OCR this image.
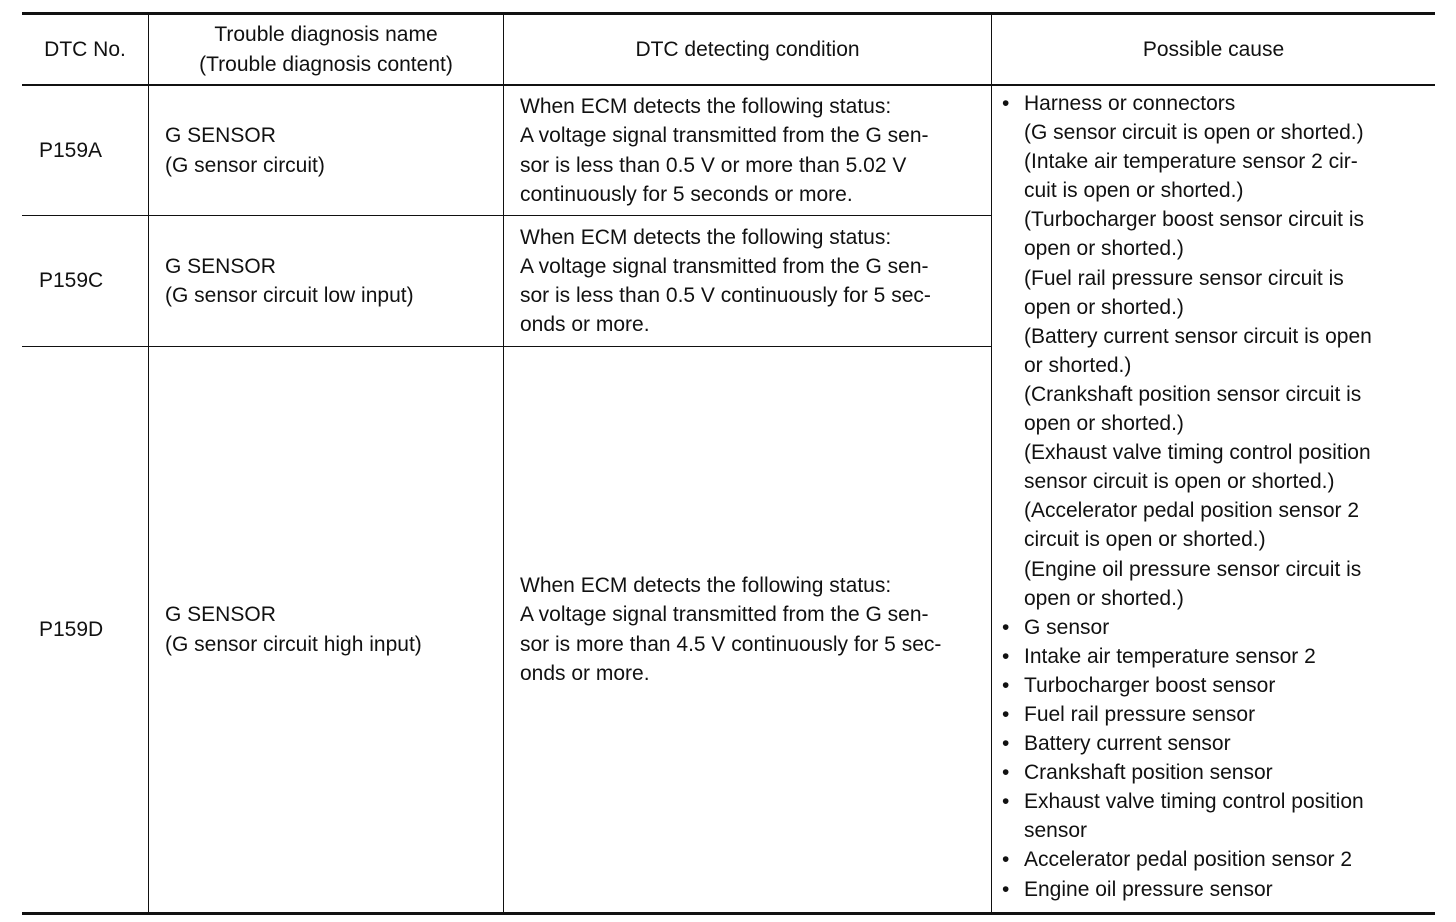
DTC No.
Trouble diagnosis name
(Trouble diagnosis content)
DTC detecting condition	Possible cause
P159A
G SENSOR
(G sensor circuit)
When ECM detects the following status:
A voltage signal transmitted from the G sen-
sor is less than 0.5 V or more than 5.02 V
continuously for 5 seconds or more.
P159C
G SENSOR
(G sensor circuit low input)
When ECM detects the following status:
A voltage signal transmitted from the G sen-
sor is less than 0.5 V continuously for 5 sec-
onds or more.
P159D
G SENSOR
(G sensor circuit high input)
When ECM detects the following status:
A voltage signal transmitted from the G sen-
sor is more than 4.5 V continuously for 5 sec-
onds or more.
• Harness or connectors
(G sensor circuit is open or shorted.)
(Intake air temperature sensor 2 cir-
cuit is open or shorted.)
(Turbocharger boost sensor circuit is
open or shorted.)
(Fuel rail pressure sensor circuit is
open or shorted.)
(Battery current sensor circuit is open
or shorted.)
(Crankshaft position sensor circuit is
open or shorted.)
(Exhaust valve timing control position
sensor circuit is open or shorted.)
(Accelerator pedal position sensor 2
circuit is open or shorted.)
(Engine oil pressure sensor circuit is
open or shorted.)
• G sensor
• Intake air temperature sensor 2
• Turbocharger boost sensor
• Fuel rail pressure sensor
• Battery current sensor
• Crankshaft position sensor
• Exhaust valve timing control position
sensor
• Accelerator pedal position sensor 2
• Engine oil pressure sensor
